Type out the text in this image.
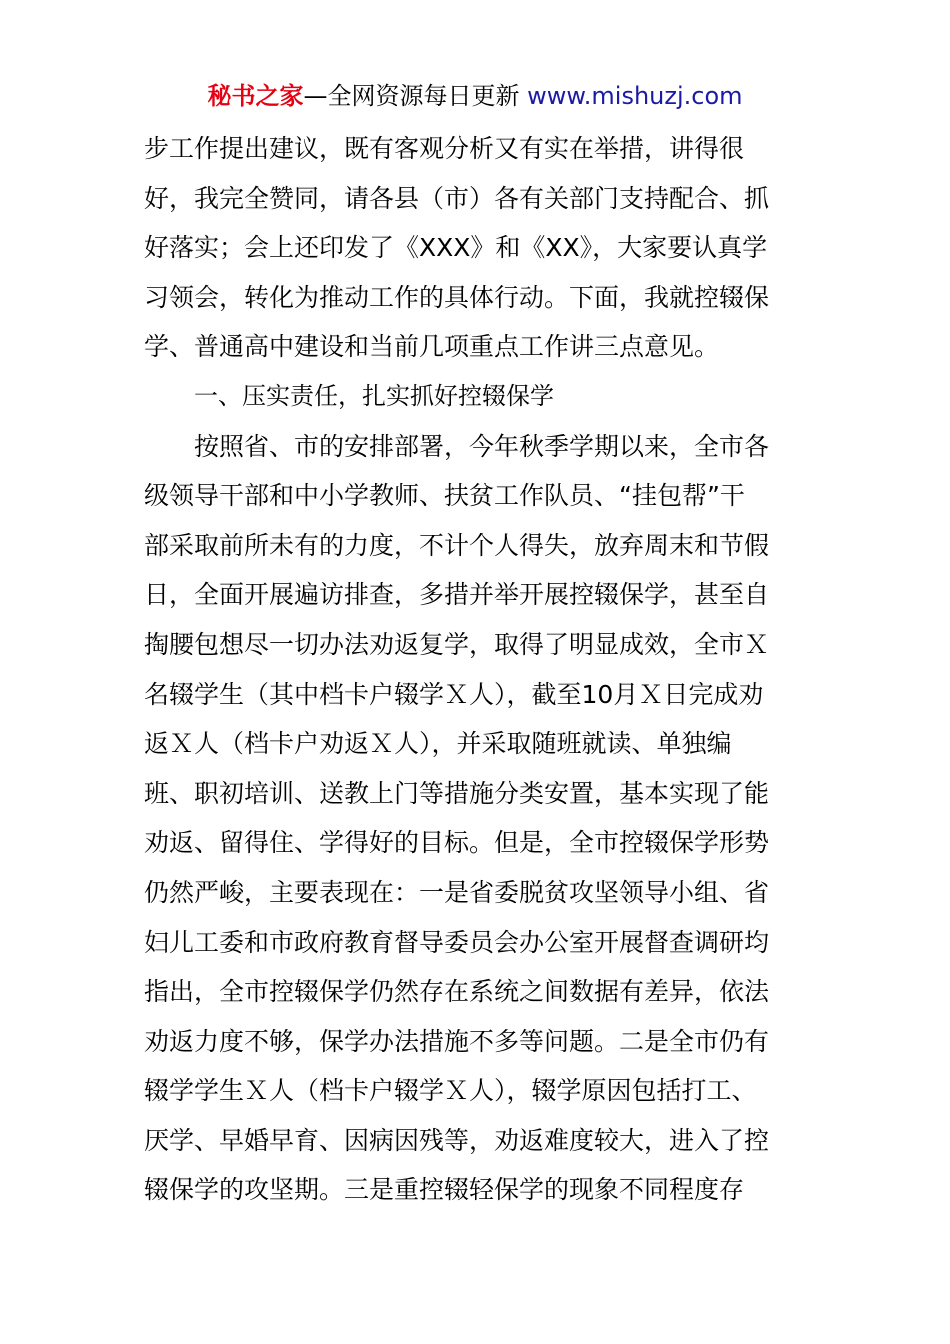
秘书之家—全网资源每日更新 www.mishuzj.com
步工作提出建议，既有客观分析又有实在举措，讲得很
好，我完全赞同，请各县（市）各有关部门支持配合、抓
好落实；会上还印发了《XXX》和《XX》，大家要认真学
习领会，转化为推动工作的具体行动。下面，我就控辍保
学、普通高中建设和当前几项重点工作讲三点意见。
一、压实责任，扎实抓好控辍保学
按照省、市的安排部署，今年秋季学期以来，全市各
级领导干部和中小学教师、扶贫工作队员、“挂包帮”干
部采取前所未有的力度，不计个人得失，放弃周末和节假
日，全面开展遍访排查，多措并举开展控辍保学，甚至自
掏腰包想尽一切办法劝返复学，取得了明显成效，全市Ｘ
名辍学生（其中档卡户辍学Ｘ人），截至10月Ｘ日完成劝
返Ｘ人（档卡户劝返Ｘ人），并采取随班就读、单独编
班、职初培训、送教上门等措施分类安置，基本实现了能
劝返、留得住、学得好的目标。但是，全市控辍保学形势
仍然严峻，主要表现在：一是省委脱贫攻坚领导小组、省
妇儿工委和市政府教育督导委员会办公室开展督查调研均
指出，全市控辍保学仍然存在系统之间数据有差异，依法
劝返力度不够，保学办法措施不多等问题。二是全市仍有
辍学学生Ｘ人（档卡户辍学Ｘ人），辍学原因包括打工、
厌学、早婚早育、因病因残等，劝返难度较大，进入了控
辍保学的攻坚期。三是重控辍轻保学的现象不同程度存
